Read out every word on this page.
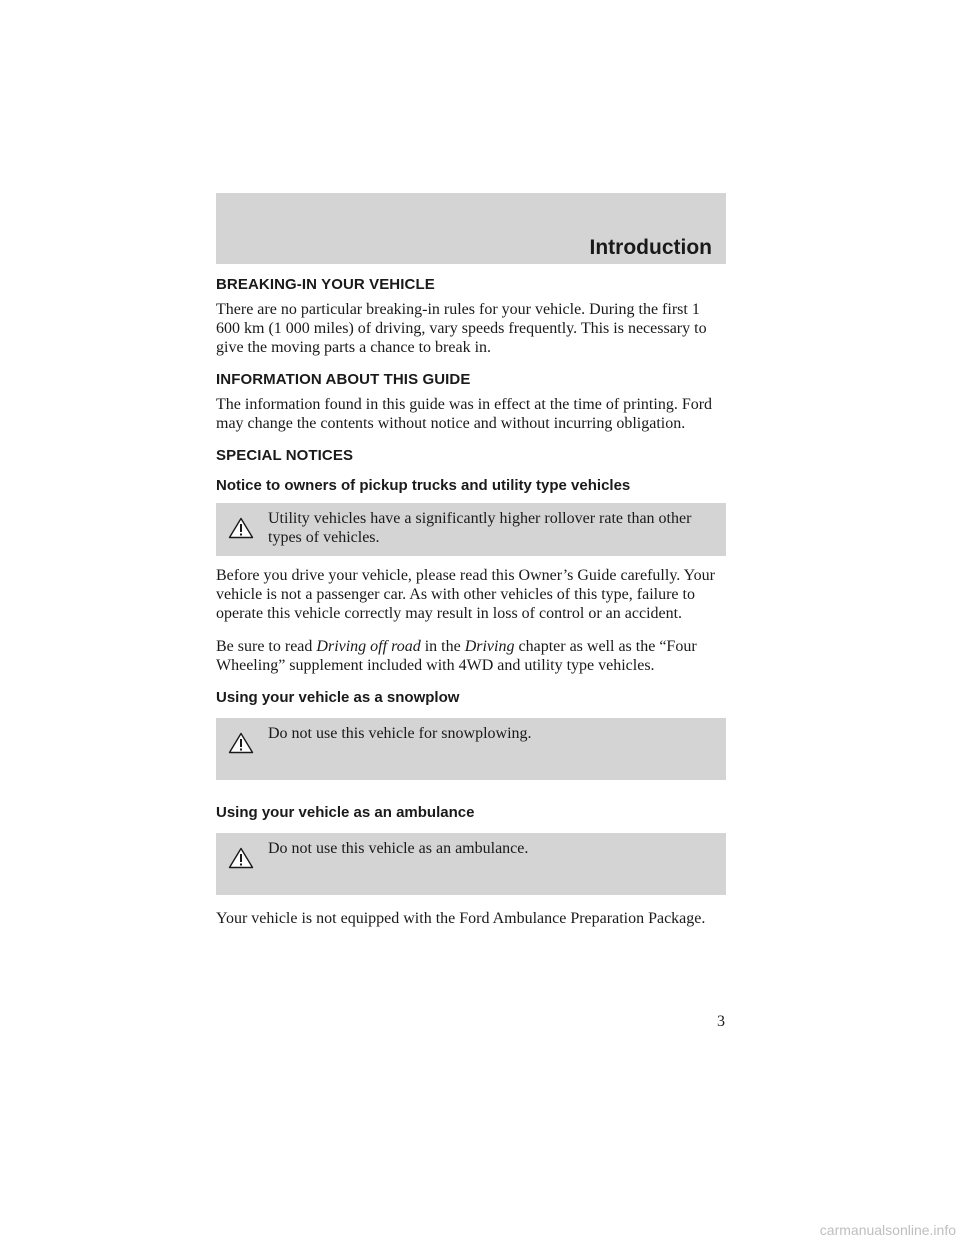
Introduction
BREAKING-IN YOUR VEHICLE

There are no particular breaking-in rules for your vehicle. During the first 1 600 km (1 000 miles) of driving, vary speeds frequently. This is necessary to give the moving parts a chance to break in.

INFORMATION ABOUT THIS GUIDE

The information found in this guide was in effect at the time of printing. Ford may change the contents without notice and without incurring obligation.

SPECIAL NOTICES
Notice to owners of pickup trucks and utility type vehicles
Utility vehicles have a significantly higher rollover rate than other types of vehicles.

Before you drive your vehicle, please read this Owner’s Guide carefully. Your vehicle is not a passenger car. As with other vehicles of this type, failure to operate this vehicle correctly may result in loss of control or an accident.

Be sure to read Driving off road in the Driving chapter as well as the “Four Wheeling” supplement included with 4WD and utility type vehicles.

Using your vehicle as a snowplow
Do not use this vehicle for snowplowing.
Using your vehicle as an ambulance
Do not use this vehicle as an ambulance.

Your vehicle is not equipped with the Ford Ambulance Preparation Package.

3
carmanualsonline.info
